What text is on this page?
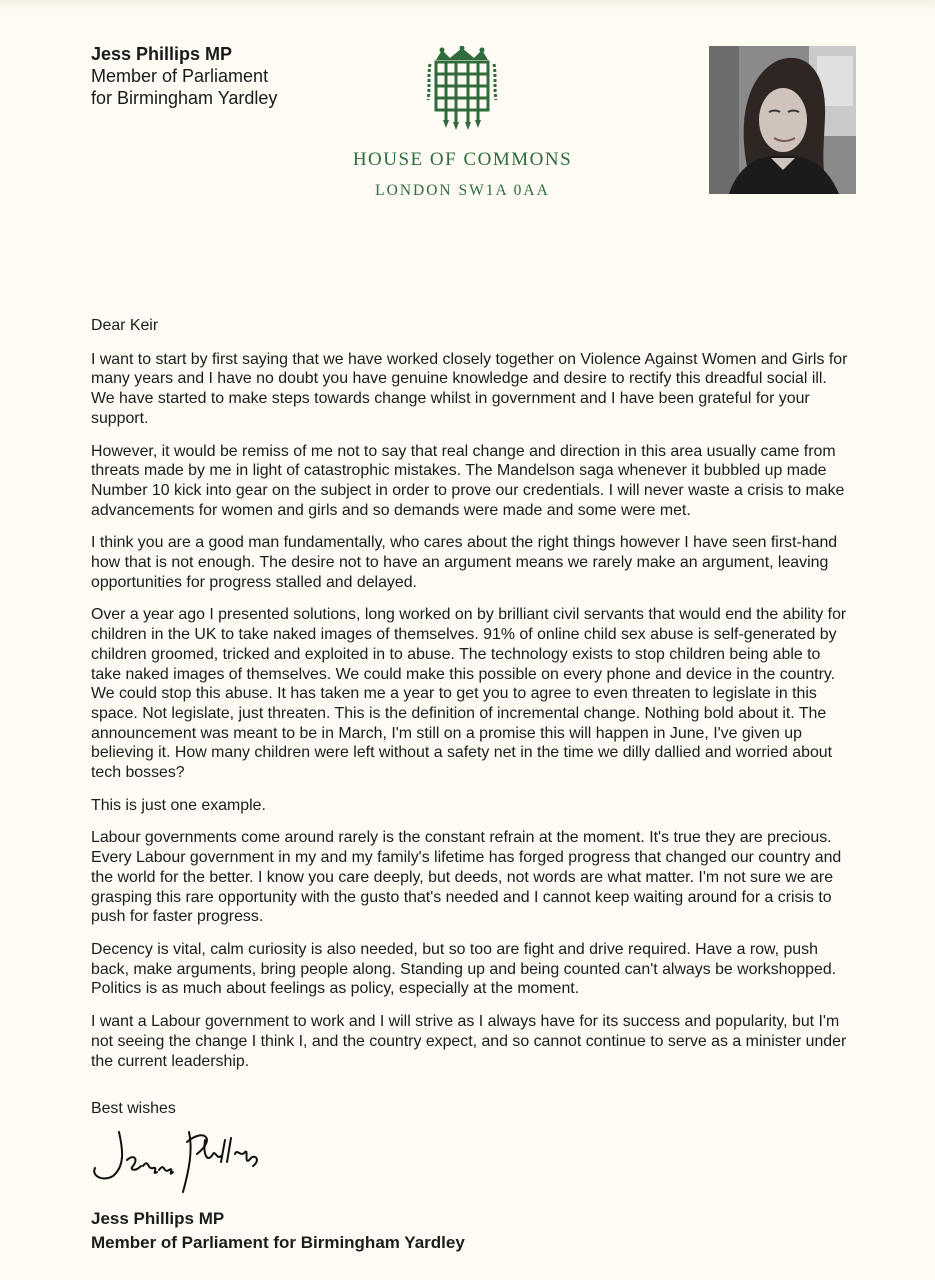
Jess Phillips MP
Member of Parliament
for Birmingham Yardley
HOUSE OF COMMONS
LONDON SW1A 0AA

Dear Keir

I want to start by first saying that we have worked closely together on Violence Against Women and Girls for many years and I have no doubt you have genuine knowledge and desire to rectify this dreadful social ill. We have started to make steps towards change whilst in government and I have been grateful for your support.

However, it would be remiss of me not to say that real change and direction in this area usually came from threats made by me in light of catastrophic mistakes. The Mandelson saga whenever it bubbled up made Number 10 kick into gear on the subject in order to prove our credentials. I will never waste a crisis to make advancements for women and girls and so demands were made and some were met.

I think you are a good man fundamentally, who cares about the right things however I have seen first-hand how that is not enough. The desire not to have an argument means we rarely make an argument, leaving opportunities for progress stalled and delayed.

Over a year ago I presented solutions, long worked on by brilliant civil servants that would end the ability for children in the UK to take naked images of themselves. 91% of online child sex abuse is self-generated by children groomed, tricked and exploited in to abuse. The technology exists to stop children being able to take naked images of themselves. We could make this possible on every phone and device in the country. We could stop this abuse. It has taken me a year to get you to agree to even threaten to legislate in this space. Not legislate, just threaten. This is the definition of incremental change. Nothing bold about it. The announcement was meant to be in March, I'm still on a promise this will happen in June, I've given up believing it. How many children were left without a safety net in the time we dilly dallied and worried about tech bosses?

This is just one example.

Labour governments come around rarely is the constant refrain at the moment. It's true they are precious. Every Labour government in my and my family's lifetime has forged progress that changed our country and the world for the better. I know you care deeply, but deeds, not words are what matter. I'm not sure we are grasping this rare opportunity with the gusto that's needed and I cannot keep waiting around for a crisis to push for faster progress.

Decency is vital, calm curiosity is also needed, but so too are fight and drive required. Have a row, push back, make arguments, bring people along. Standing up and being counted can't always be workshopped. Politics is as much about feelings as policy, especially at the moment.

I want a Labour government to work and I will strive as I always have for its success and popularity, but I'm not seeing the change I think I, and the country expect, and so cannot continue to serve as a minister under the current leadership.

Best wishes
Jess Phillips MP
Member of Parliament for Birmingham Yardley
